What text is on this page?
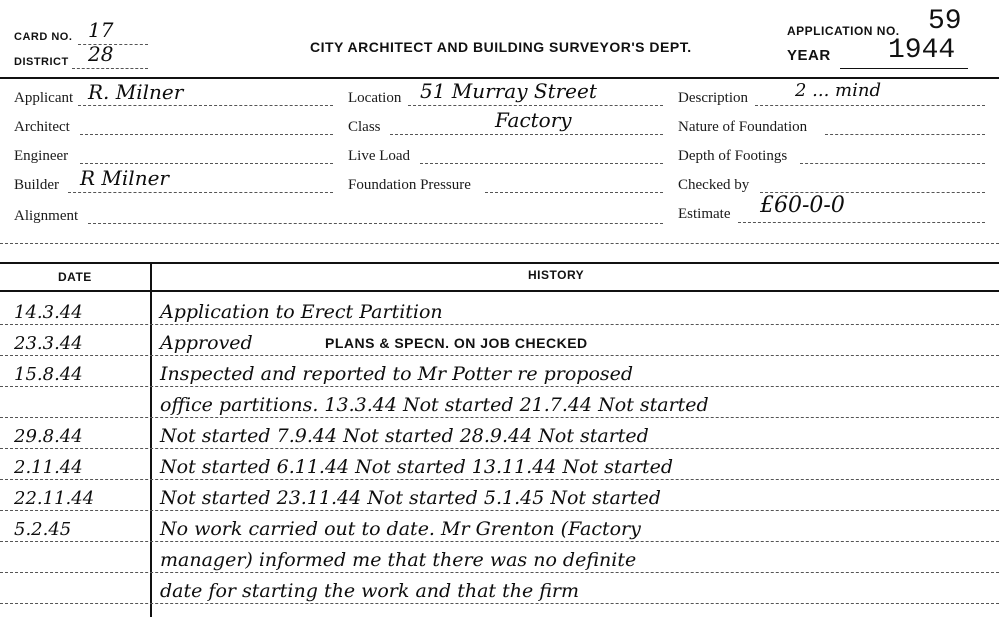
CARD NO. 17
DISTRICT 28	CITY ARCHITECT AND BUILDING SURVEYOR'S DEPT.
APPLICATION NO. 59
YEAR 1944
Applicant R. Milner
Architect
Engineer
Builder R Milner
Alignment
Location 51 Murray Street
Class	Factory
Live Load
Foundation Pressure
Description	2 ... mind
Nature of Foundation
Depth of Footings
Checked by
Estimate £60-0-0
DATE	HISTORY
14.3.44	Application to Erect Partition
23.3.44	Approved	PLANS & SPECN. ON JOB CHECKED
15.8.44	Inspected and reported to Mr Potter re proposed
office partitions. 13.3.44 Not started 21.7.44 Not started
29.8.44	Not started 7.9.44 Not started 28.9.44 Not started
2.11.44	Not started 6.11.44 Not started 13.11.44 Not started
22.11.44	Not started 23.11.44 Not started 5.1.45 Not started
5.2.45	No work carried out to date. Mr Grenton (Factory
manager) informed me that there was no definite
date for starting the work and that the firm
